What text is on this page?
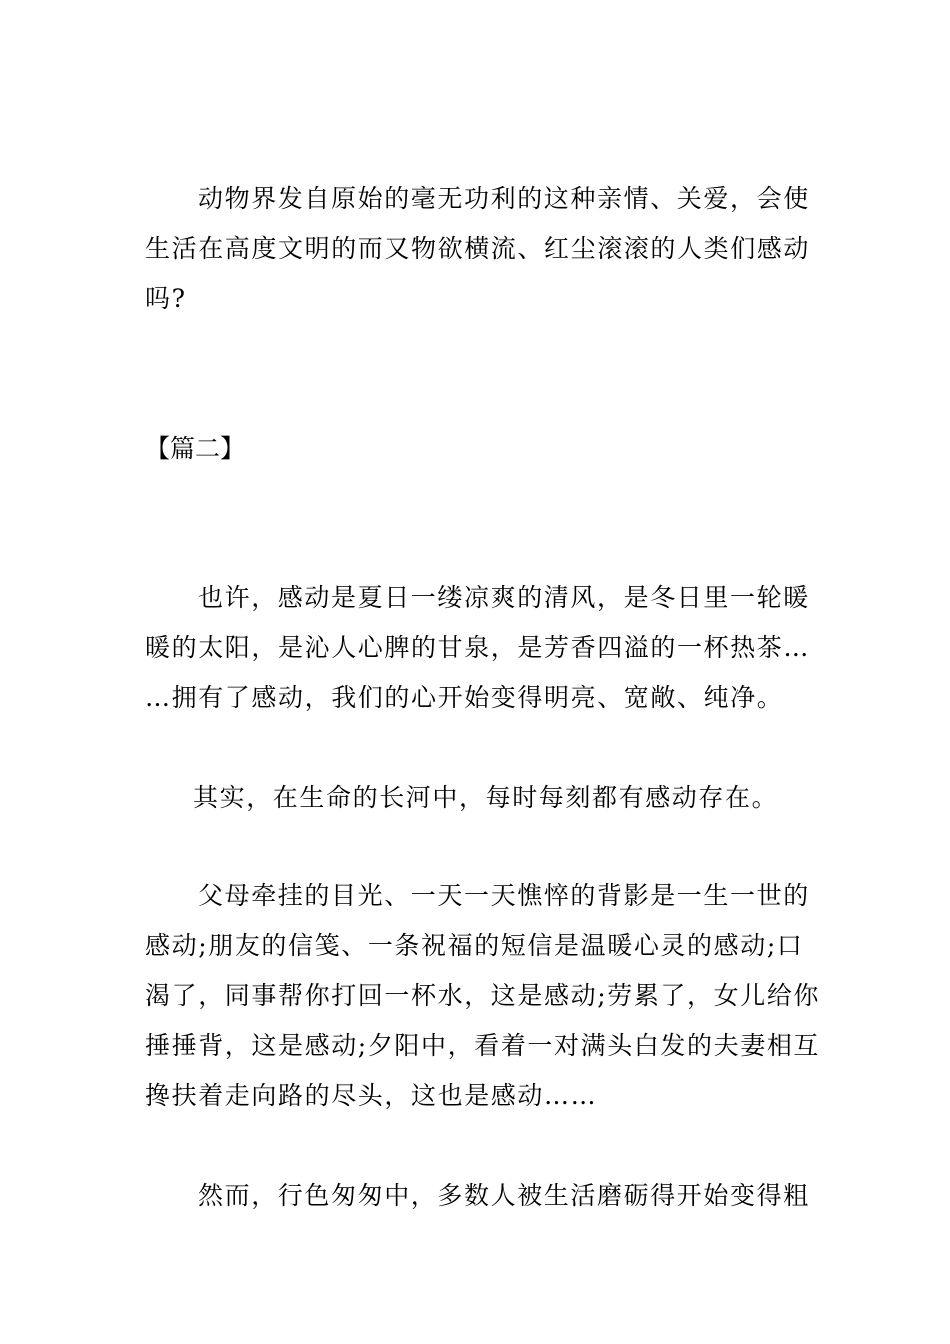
动物界发自原始的毫无功利的这种亲情、关爱，会使
生活在高度文明的而又物欲横流、红尘滚滚的人类们感动
吗?
【篇二】
也许，感动是夏日一缕凉爽的清风，是冬日里一轮暖
暖的太阳，是沁人心脾的甘泉，是芳香四溢的一杯热茶…
…拥有了感动，我们的心开始变得明亮、宽敞、纯净。
其实，在生命的长河中，每时每刻都有感动存在。
父母牵挂的目光、一天一天憔悴的背影是一生一世的
感动;朋友的信笺、一条祝福的短信是温暖心灵的感动;口
渴了，同事帮你打回一杯水，这是感动;劳累了，女儿给你
捶捶背，这是感动;夕阳中，看着一对满头白发的夫妻相互
搀扶着走向路的尽头，这也是感动……
然而，行色匆匆中，多数人被生活磨砺得开始变得粗
